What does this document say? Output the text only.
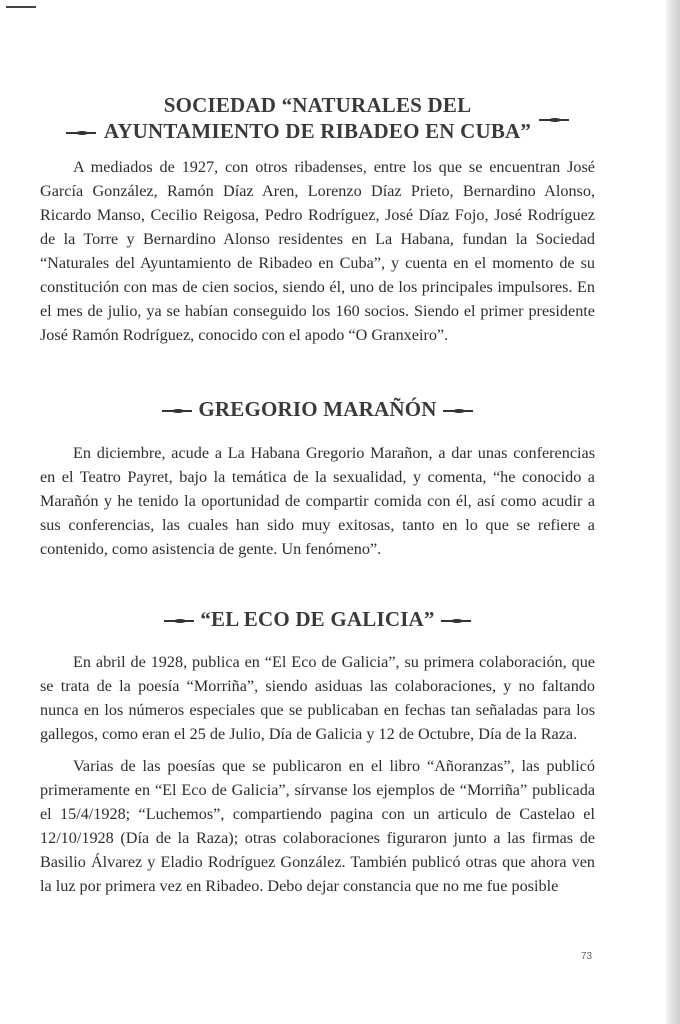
SOCIEDAD “NATURALES DEL
AYUNTAMIENTO DE RIBADEO EN CUBA”

A mediados de 1927, con otros ribadenses, entre los que se encuentran José García González, Ramón Díaz Aren, Lorenzo Díaz Prieto, Bernardino Alonso, Ricardo Manso, Cecilio Reigosa, Pedro Rodríguez, José Díaz Fojo, José Rodríguez de la Torre y Bernardino Alonso residentes en La Habana, fundan la Sociedad “Naturales del Ayuntamiento de Ribadeo en Cuba”, y cuenta en el momento de su constitución con mas de cien socios, siendo él, uno de los principales impulsores. En el mes de julio, ya se habían conseguido los 160 socios. Siendo el primer presidente José Ramón Rodríguez, conocido con el apodo “O Granxeiro”.

GREGORIO MARAÑÓN

En diciembre, acude a La Habana Gregorio Marañon, a dar unas conferencias en el Teatro Payret, bajo la temática de la sexualidad, y comenta, “he conocido a Marañón y he tenido la oportunidad de compartir comida con él, así como acudir a sus conferencias, las cuales han sido muy exitosas, tanto en lo que se refiere a contenido, como asistencia de gente. Un fenómeno”.

“EL ECO DE GALICIA”

En abril de 1928, publica en “El Eco de Galicia”, su primera colaboración, que se trata de la poesía “Morriña”, siendo asiduas las colaboraciones, y no faltando nunca en los números especiales que se publicaban en fechas tan señaladas para los gallegos, como eran el 25 de Julio, Día de Galicia y 12 de Octubre, Día de la Raza.

Varias de las poesías que se publicaron en el libro “Añoranzas”, las publicó primeramente en “El Eco de Galicia”, sírvanse los ejemplos de “Morriña” publicada el 15/4/1928; “Luchemos”, compartiendo pagina con un articulo de Castelao el 12/10/1928 (Día de la Raza); otras colaboraciones figuraron junto a las firmas de Basilio Álvarez y Eladio Rodríguez González. También publicó otras que ahora ven la luz por primera vez en Ribadeo. Debo dejar constancia que no me fue posible

73
